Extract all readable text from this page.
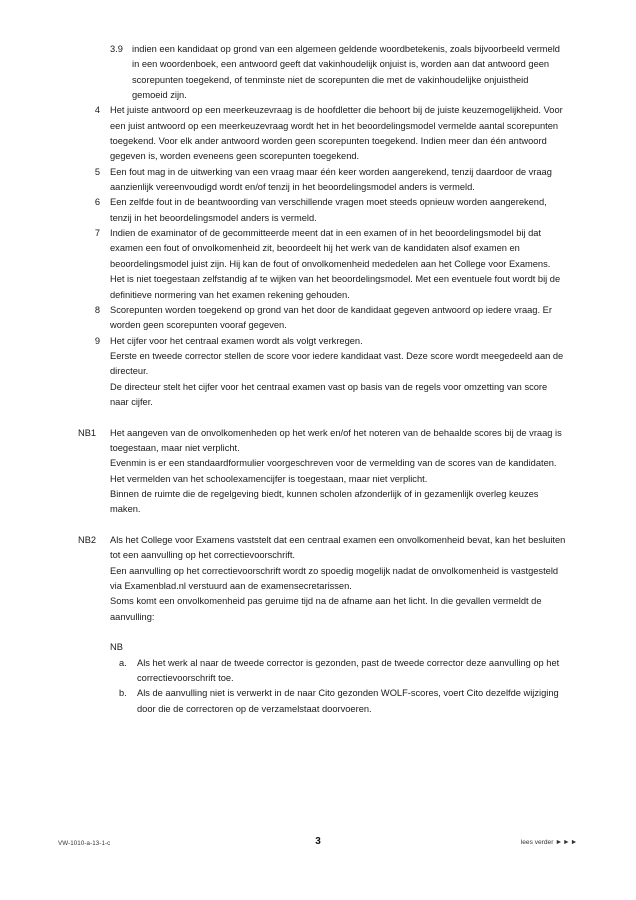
3.9 indien een kandidaat op grond van een algemeen geldende woordbetekenis, zoals bijvoorbeeld vermeld in een woordenboek, een antwoord geeft dat vakinhoudelijk onjuist is, worden aan dat antwoord geen scorepunten toegekend, of tenminste niet de scorepunten die met de vakinhoudelijke onjuistheid gemoeid zijn.
4 Het juiste antwoord op een meerkeuzevraag is de hoofdletter die behoort bij de juiste keuzemogelijkheid. Voor een juist antwoord op een meerkeuzevraag wordt het in het beoordelingsmodel vermelde aantal scorepunten toegekend. Voor elk ander antwoord worden geen scorepunten toegekend. Indien meer dan één antwoord gegeven is, worden eveneens geen scorepunten toegekend.
5 Een fout mag in de uitwerking van een vraag maar één keer worden aangerekend, tenzij daardoor de vraag aanzienlijk vereenvoudigd wordt en/of tenzij in het beoordelingsmodel anders is vermeld.
6 Een zelfde fout in de beantwoording van verschillende vragen moet steeds opnieuw worden aangerekend, tenzij in het beoordelingsmodel anders is vermeld.
7 Indien de examinator of de gecommitteerde meent dat in een examen of in het beoordelingsmodel bij dat examen een fout of onvolkomenheid zit, beoordeelt hij het werk van de kandidaten alsof examen en beoordelingsmodel juist zijn. Hij kan de fout of onvolkomenheid mededelen aan het College voor Examens. Het is niet toegestaan zelfstandig af te wijken van het beoordelingsmodel. Met een eventuele fout wordt bij de definitieve normering van het examen rekening gehouden.
8 Scorepunten worden toegekend op grond van het door de kandidaat gegeven antwoord op iedere vraag. Er worden geen scorepunten vooraf gegeven.
9 Het cijfer voor het centraal examen wordt als volgt verkregen.
Eerste en tweede corrector stellen de score voor iedere kandidaat vast. Deze score wordt meegedeeld aan de directeur.
De directeur stelt het cijfer voor het centraal examen vast op basis van de regels voor omzetting van score naar cijfer.
NB1	Het aangeven van de onvolkomenheden op het werk en/of het noteren van de behaalde scores bij de vraag is toegestaan, maar niet verplicht.
Evenmin is er een standaardformulier voorgeschreven voor de vermelding van de scores van de kandidaten.
Het vermelden van het schoolexamencijfer is toegestaan, maar niet verplicht.
Binnen de ruimte die de regelgeving biedt, kunnen scholen afzonderlijk of in gezamenlijk overleg keuzes maken.
NB2	Als het College voor Examens vaststelt dat een centraal examen een onvolkomenheid bevat, kan het besluiten tot een aanvulling op het correctievoorschrift.
Een aanvulling op het correctievoorschrift wordt zo spoedig mogelijk nadat de onvolkomenheid is vastgesteld via Examenblad.nl verstuurd aan de examensecretarissen.
Soms komt een onvolkomenheid pas geruime tijd na de afname aan het licht. In die gevallen vermeldt de aanvulling:
NB
a.	Als het werk al naar de tweede corrector is gezonden, past de tweede corrector deze aanvulling op het correctievoorschrift toe.
b.	Als de aanvulling niet is verwerkt in de naar Cito gezonden WOLF-scores, voert Cito dezelfde wijziging door die de correctoren op de verzamelstaat doorvoeren.
VW-1010-a-13-1-c	3	lees verder ►►►
